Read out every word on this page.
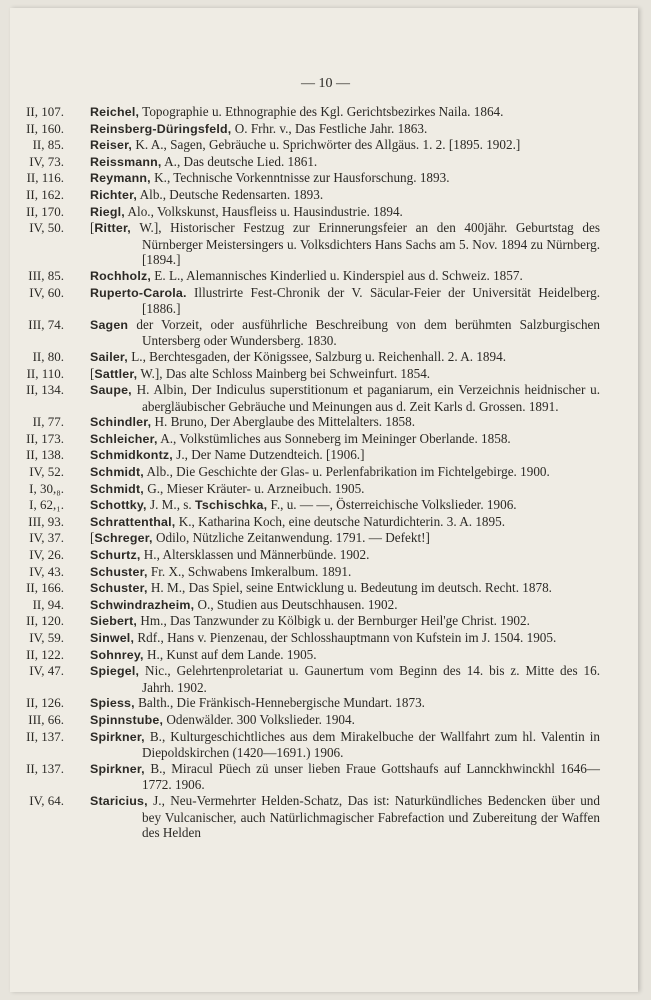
— 10 —
II, 107. Reichel, Topographie u. Ethnographie des Kgl. Gerichtsbezirkes Naila. 1864.
II, 160. Reinsberg-Düringsfeld, O. Frhr. v., Das Festliche Jahr. 1863.
II, 85. Reiser, K. A., Sagen, Gebräuche u. Sprichwörter des Allgäus. 1. 2. [1895. 1902.]
IV, 73. Reissmann, A., Das deutsche Lied. 1861.
II, 116. Reymann, K., Technische Vorkenntnisse zur Hausforschung. 1893.
II, 162. Richter, Alb., Deutsche Redensarten. 1893.
II, 170. Riegl, Alo., Volkskunst, Hausfleiss u. Hausindustrie. 1894.
IV, 50. [Ritter, W.], Historischer Festzug zur Erinnerungsfeier an den 400jähr. Geburtstag des Nürnberger Meistersingers u. Volksdichters Hans Sachs am 5. Nov. 1894 zu Nürnberg. [1894.]
III, 85. Rochholz, E. L., Alemannisches Kinderlied u. Kinderspiel aus d. Schweiz. 1857.
IV, 60. Ruperto-Carola. Illustrirte Fest-Chronik der V. Säcular-Feier der Universität Heidelberg. [1886.]
III, 74. Sagen der Vorzeit, oder ausführliche Beschreibung von dem berühmten Salzburgischen Untersberg oder Wundersberg. 1830.
II, 80. Sailer, L., Berchtesgaden, der Königssee, Salzburg u. Reichenhall. 2. A. 1894.
II, 110. [Sattler, W.], Das alte Schloss Mainberg bei Schweinfurt. 1854.
II, 134. Saupe, H. Albin, Der Indiculus superstitionum et paganiarum, ein Verzeichnis heidnischer u. abergläubischer Gebräuche und Meinungen aus d. Zeit Karls d. Grossen. 1891.
II, 77. Schindler, H. Bruno, Der Aberglaube des Mittelalters. 1858.
II, 173. Schleicher, A., Volkstümliches aus Sonneberg im Meininger Oberlande. 1858.
II, 138. Schmidkontz, J., Der Name Dutzendteich. [1906.]
IV, 52. Schmidt, Alb., Die Geschichte der Glas- u. Perlenfabrikation im Fichtelgebirge. 1900.
I, 30,₈. Schmidt, G., Mieser Kräuter- u. Arzneibuch. 1905.
I, 62,₁. Schottky, J. M., s. Tschischka, F., u. — —, Österreichische Volkslieder. 1906.
III, 93. Schrattenthal, K., Katharina Koch, eine deutsche Naturdichterin. 3. A. 1895.
IV, 37. [Schreger, Odilo, Nützliche Zeitanwendung. 1791. — Defekt!]
IV, 26. Schurtz, H., Altersklassen und Männerbünde. 1902.
IV, 43. Schuster, Fr. X., Schwabens Imkeralbum. 1891.
II, 166. Schuster, H. M., Das Spiel, seine Entwicklung u. Bedeutung im deutsch. Recht. 1878.
II, 94. Schwindrazheim, O., Studien aus Deutschhausen. 1902.
II, 120. Siebert, Hm., Das Tanzwunder zu Kölbigk u. der Bernburger Heil'ge Christ. 1902.
IV, 59. Sinwel, Rdf., Hans v. Pienzenau, der Schlosshauptmann von Kufstein im J. 1504. 1905.
II, 122. Sohnrey, H., Kunst auf dem Lande. 1905.
IV, 47. Spiegel, Nic., Gelehrtenproletariat u. Gaunertum vom Beginn des 14. bis z. Mitte des 16. Jahrh. 1902.
II, 126. Spiess, Balth., Die Fränkisch-Hennebergische Mundart. 1873.
III, 66. Spinnstube, Odenwälder. 300 Volkslieder. 1904.
II, 137. Spirkner, B., Kulturgeschichtliches aus dem Mirakelbuche der Wallfahrt zum hl. Valentin in Diepoldskirchen (1420—1691.) 1906.
II, 137. Spirkner, B., Miracul Püech zü unser lieben Fraue Gottshaufs auf Lannckhwinckhl 1646—1772. 1906.
IV, 64. Staricius, J., Neu-Vermehrter Helden-Schatz, Das ist: Naturkündliches Bedencken über und bey Vulcanischer, auch Natürlichmagischer Fabrefaction und Zubereitung der Waffen des Helden
